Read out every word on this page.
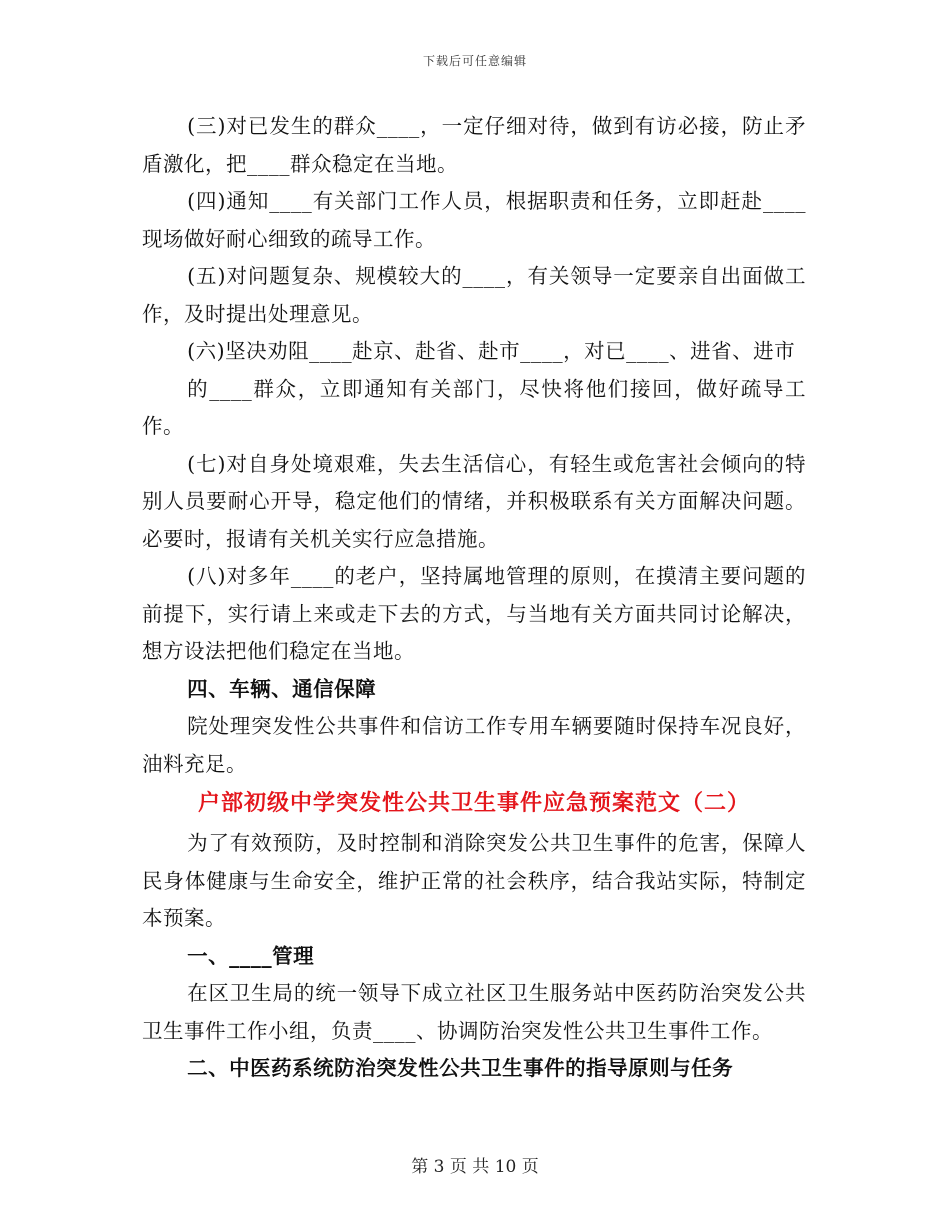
下载后可任意编辑

(三)对已发生的群众____，一定仔细对待，做到有访必接，防止矛盾激化，把____群众稳定在当地。

(四)通知____有关部门工作人员，根据职责和任务，立即赶赴____现场做好耐心细致的疏导工作。

(五)对问题复杂、规模较大的____，有关领导一定要亲自出面做工作，及时提出处理意见。

(六)坚决劝阻____赴京、赴省、赴市____，对已____、进省、进市

的____群众，立即通知有关部门，尽快将他们接回，做好疏导工作。

(七)对自身处境艰难，失去生活信心，有轻生或危害社会倾向的特别人员要耐心开导，稳定他们的情绪，并积极联系有关方面解决问题。必要时，报请有关机关实行应急措施。

(八)对多年____的老户，坚持属地管理的原则，在摸清主要问题的前提下，实行请上来或走下去的方式，与当地有关方面共同讨论解决，想方设法把他们稳定在当地。

四、车辆、通信保障

院处理突发性公共事件和信访工作专用车辆要随时保持车况良好，油料充足。

户部初级中学突发性公共卫生事件应急预案范文（二）

为了有效预防，及时控制和消除突发公共卫生事件的危害，保障人民身体健康与生命安全，维护正常的社会秩序，结合我站实际，特制定本预案。

一、____管理

在区卫生局的统一领导下成立社区卫生服务站中医药防治突发公共卫生事件工作小组，负责____、协调防治突发性公共卫生事件工作。

二、中医药系统防治突发性公共卫生事件的指导原则与任务

第 3 页 共 10 页
